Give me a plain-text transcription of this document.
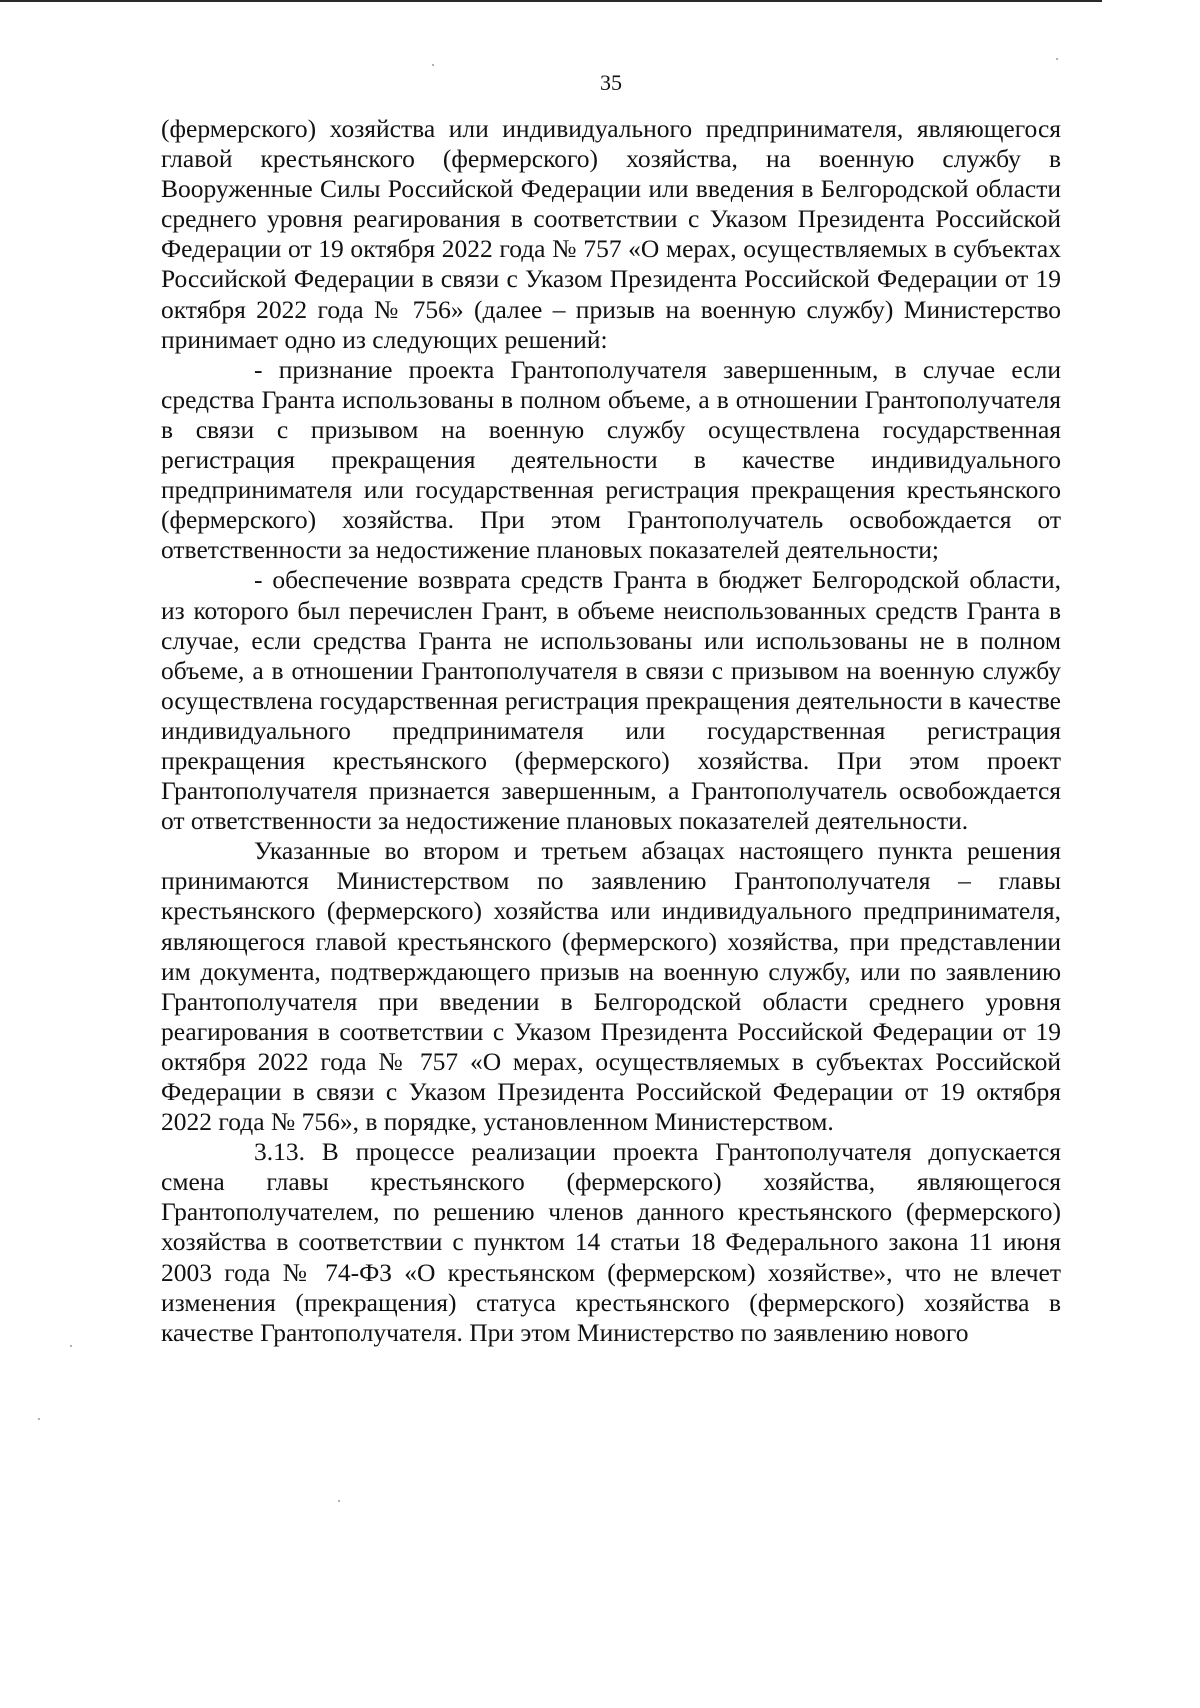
35

(фермерского) хозяйства или индивидуального предпринимателя, являющегося главой крестьянского (фермерского) хозяйства, на военную службу в Вооруженные Силы Российской Федерации или введения в Белгородской области среднего уровня реагирования в соответствии с Указом Президента Российской Федерации от 19 октября 2022 года № 757 «О мерах, осуществляемых в субъектах Российской Федерации в связи с Указом Президента Российской Федерации от 19 октября 2022 года № 756» (далее – призыв на военную службу) Министерство принимает одно из следующих решений:

- признание проекта Грантополучателя завершенным, в случае если средства Гранта использованы в полном объеме, а в отношении Грантополучателя в связи с призывом на военную службу осуществлена государственная регистрация прекращения деятельности в качестве индивидуального предпринимателя или государственная регистрация прекращения крестьянского (фермерского) хозяйства. При этом Грантополучатель освобождается от ответственности за недостижение плановых показателей деятельности;

- обеспечение возврата средств Гранта в бюджет Белгородской области, из которого был перечислен Грант, в объеме неиспользованных средств Гранта в случае, если средства Гранта не использованы или использованы не в полном объеме, а в отношении Грантополучателя в связи с призывом на военную службу осуществлена государственная регистрация прекращения деятельности в качестве индивидуального предпринимателя или государственная регистрация прекращения крестьянского (фермерского) хозяйства. При этом проект Грантополучателя признается завершенным, а Грантополучатель освобождается от ответственности за недостижение плановых показателей деятельности.

Указанные во втором и третьем абзацах настоящего пункта решения принимаются Министерством по заявлению Грантополучателя – главы крестьянского (фермерского) хозяйства или индивидуального предпринимателя, являющегося главой крестьянского (фермерского) хозяйства, при представлении им документа, подтверждающего призыв на военную службу, или по заявлению Грантополучателя при введении в Белгородской области среднего уровня реагирования в соответствии с Указом Президента Российской Федерации от 19 октября 2022 года № 757 «О мерах, осуществляемых в субъектах Российской Федерации в связи с Указом Президента Российской Федерации от 19 октября 2022 года № 756», в порядке, установленном Министерством.

3.13. В процессе реализации проекта Грантополучателя допускается смена главы крестьянского (фермерского) хозяйства, являющегося Грантополучателем, по решению членов данного крестьянского (фермерского) хозяйства в соответствии с пунктом 14 статьи 18 Федерального закона 11 июня 2003 года № 74-ФЗ «О крестьянском (фермерском) хозяйстве», что не влечет изменения (прекращения) статуса крестьянского (фермерского) хозяйства в качестве Грантополучателя. При этом Министерство по заявлению нового
